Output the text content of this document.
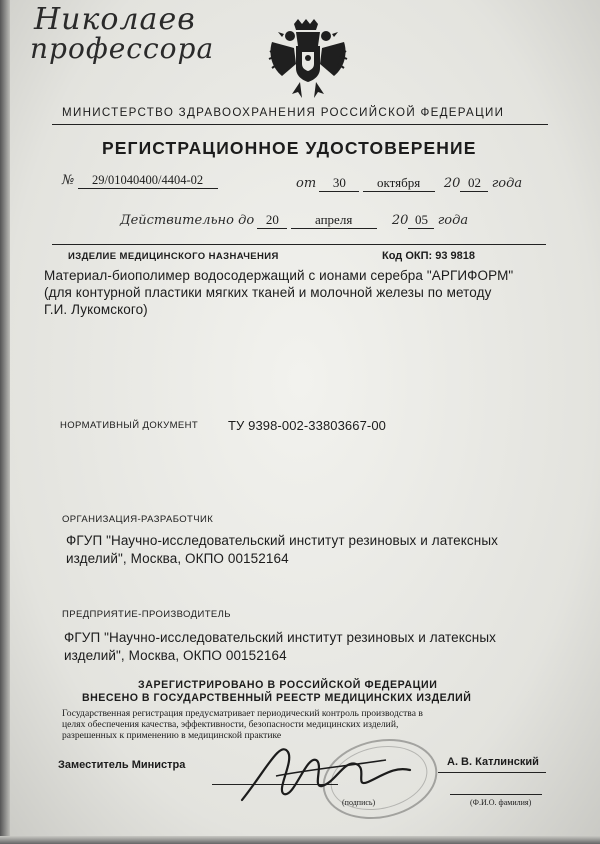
Николаев
профессора
МИНИСТЕРСТВО ЗДРАВООХРАНЕНИЯ РОССИЙСКОЙ ФЕДЕРАЦИИ
РЕГИСТРАЦИОННОЕ УДОСТОВЕРЕНИЕ
№ 29/01040400/4404-02	от 30 октября 20 02 года
Действительно до 20	апреля	20 05 года
ИЗДЕЛИЕ МЕДИЦИНСКОГО НАЗНАЧЕНИЯ	Код ОКП: 93 9818
Материал-биополимер водосодержащий с ионами серебра "АРГИФОРМ"
(для контурной пластики мягких тканей и молочной железы по методу
Г.И. Лукомского)
НОРМАТИВНЫЙ ДОКУМЕНТ ТУ 9398-002-33803667-00
ОРГАНИЗАЦИЯ-РАЗРАБОТЧИК
ФГУП "Научно-исследовательский институт резиновых и латексных
изделий", Москва, ОКПО 00152164
ПРЕДПРИЯТИЕ-ПРОИЗВОДИТЕЛЬ
ФГУП "Научно-исследовательский институт резиновых и латексных
изделий", Москва, ОКПО 00152164
ЗАРЕГИСТРИРОВАНО В РОССИЙСКОЙ ФЕДЕРАЦИИ
ВНЕСЕНО В ГОСУДАРСТВЕННЫЙ РЕЕСТР МЕДИЦИНСКИХ ИЗДЕЛИЙ
Государственная регистрация предусматривает периодический контроль производства в
целях обеспечения качества, эффективности, безопасности медицинских изделий,
разрешенных к применению в медицинской практике
Заместитель Министра	А. В. Катлинский
(подпись)	(Ф.И.О. фамилия)
